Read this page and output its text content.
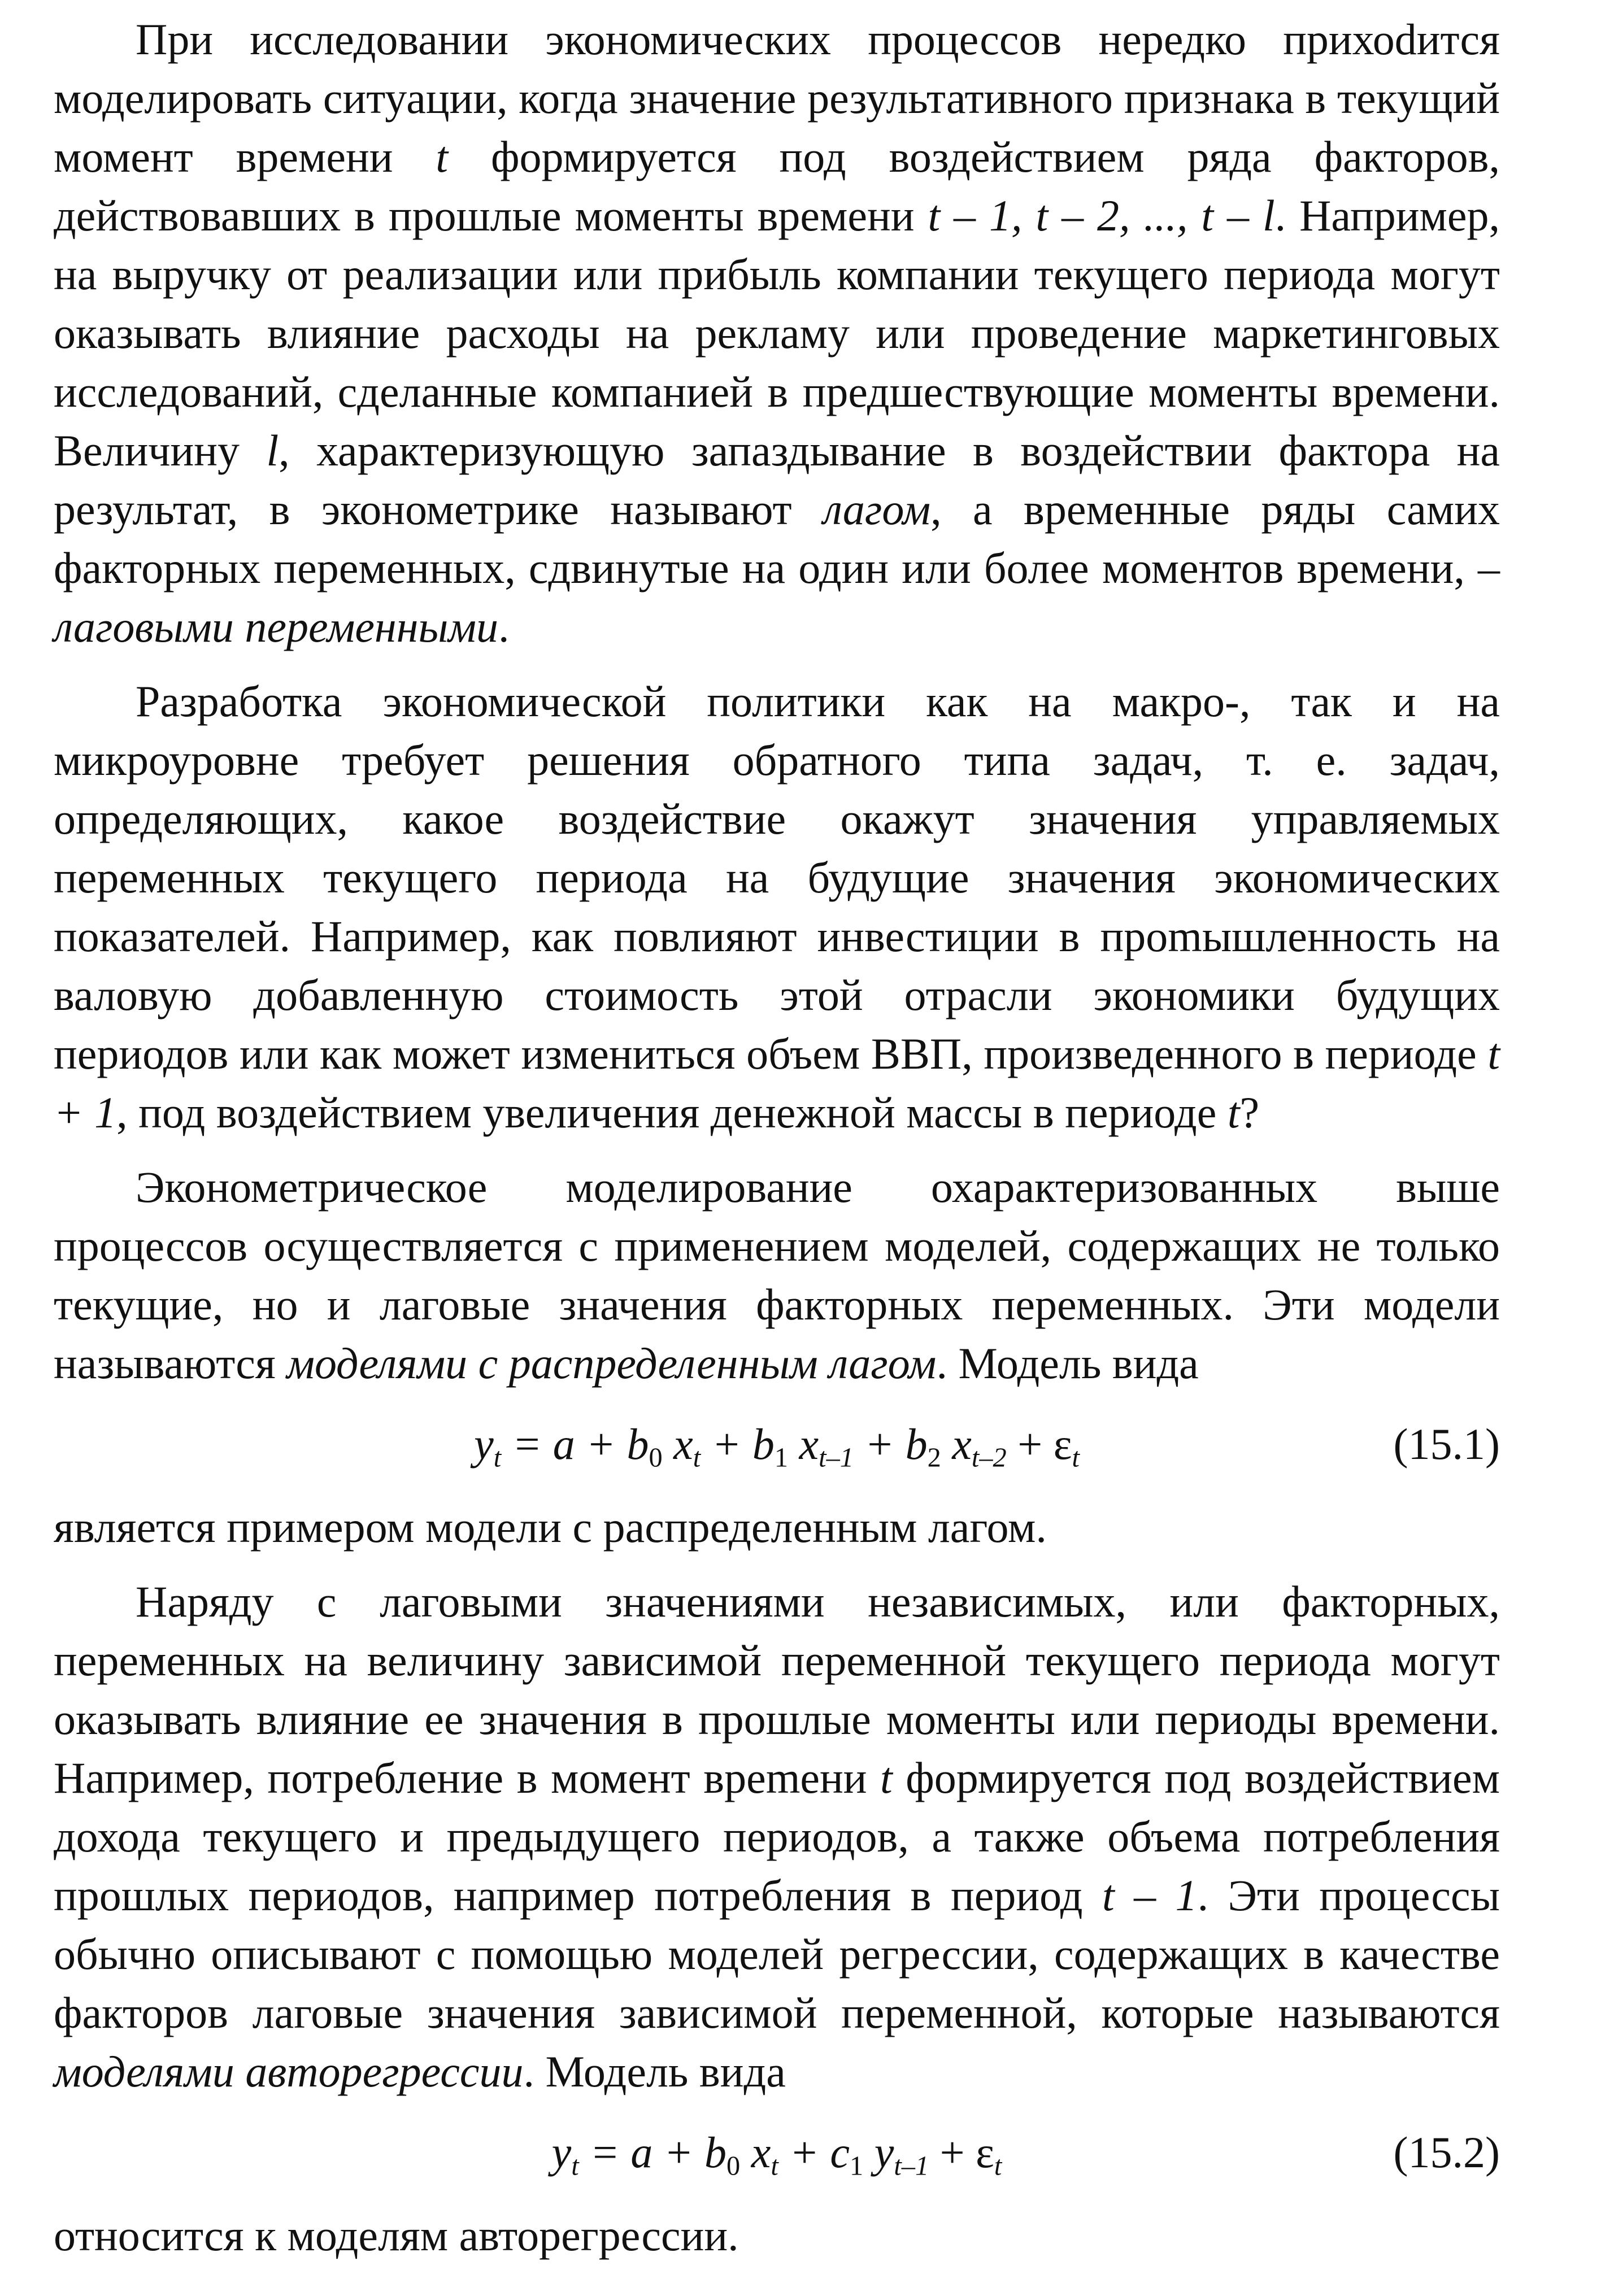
При исследовании экономических процессов нередко прихоdится моделировать ситуации, когда значение результативного признака в текущий момент времени t формируется под воздействием ряда факторов, действовавших в прошлые моменты времени t – 1, t – 2, ..., t – l. Например, на выручку от реализации или прибыль компании текущего периода могут оказывать влияние расходы на рекламу или проведение маркетинговых исследований, сделанные компанией в предшествующие моменты времени. Величину l, характеризующую запаздывание в воздействии фактора на результат, в эконометрике называют лагом, а временные ряды самих факторных переменных, сдвинутые на один или более моментов времени, – лаговыми переменными.

Разработка экономической политики как на макро-, так и на микроуровне требует решения обратного типа задач, т. е. задач, определяющих, какое воздействие окажут значения управляемых переменных текущего периода на будущие значения экономических показателей. Например, как повлияют инвестиции в проmышленность на валовую добавленную стоимость этой отрасли экономики будущих периодов или как может измениться объем ВВП, произведенного в периоде t + 1, под воздействием увеличения денежной массы в периоде t?

Эконометрическое моделирование охарактеризованных выше процессов осуществляется с применением моделей, содержащих не только текущие, но и лаговые значения факторных переменных. Эти модели называются моделями с распределенным лагом. Модель вида

$y_t = a + b_0$ $x_t + b_1$ $x_{t-1} + b_2$ $x_{t-2} + \varepsilon_t$	(15.1)

является примером модели с распределенным лагом.

Наряду с лаговыми значениями независимых, или факторных, переменных на величину зависимой переменной текущего периода могут оказывать влияние ее значения в прошлые моменты или периоды времени. Например, потребление в момент вреmени t формируется под воздействием дохода текущего и предыдущего периодов, а также объема потребления прошлых периодов, например потребления в период t – 1. Эти процессы обычно описывают с помощью моделей регрессии, содержащих в качестве факторов лаговые значения зависимой переменной, которые называются моделями авторегрессии. Модель вида

$y_t = a + b_0$ $x_t + c_1$ $y_{t-1} + \varepsilon_t$	(15.2)

относится к моделям авторегрессии.
